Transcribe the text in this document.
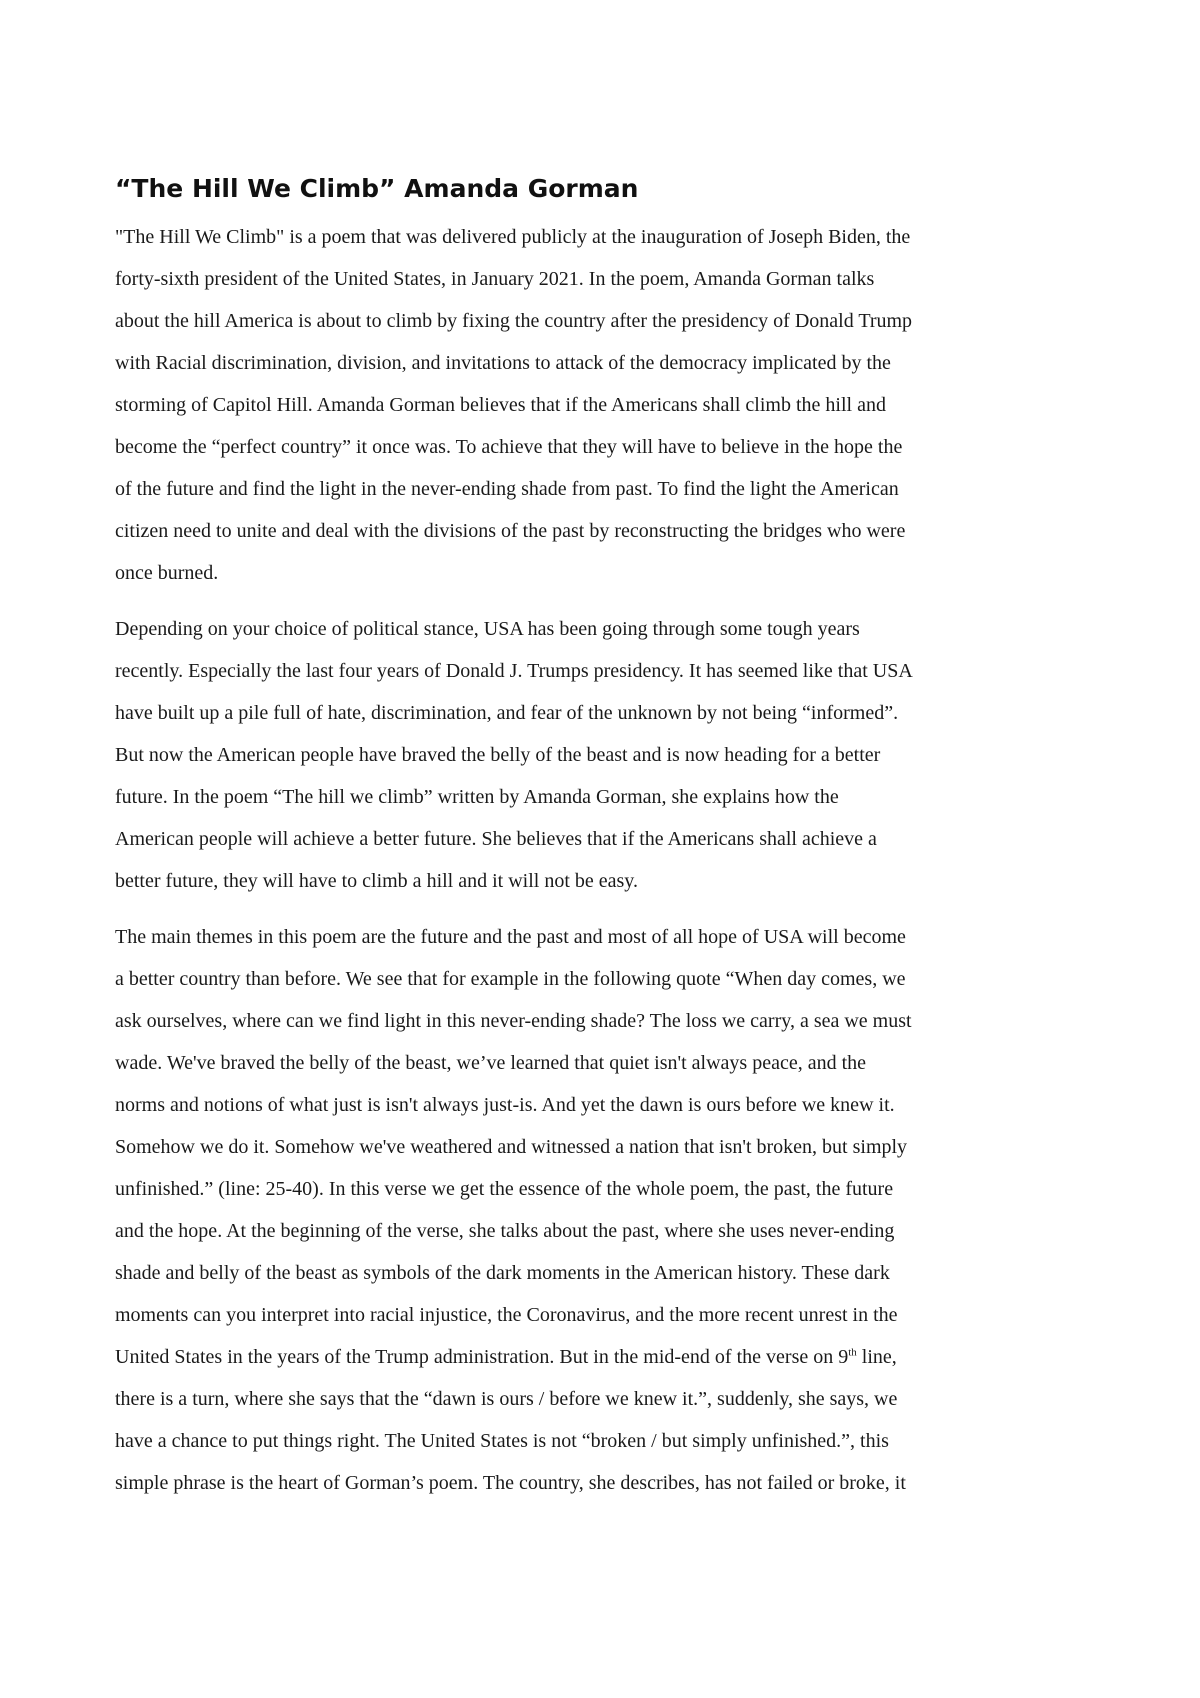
“The Hill We Climb” Amanda Gorman

"The Hill We Climb" is a poem that was delivered publicly at the inauguration of Joseph Biden, the
forty-sixth president of the United States, in January 2021. In the poem, Amanda Gorman talks
about the hill America is about to climb by fixing the country after the presidency of Donald Trump
with Racial discrimination, division, and invitations to attack of the democracy implicated by the
storming of Capitol Hill. Amanda Gorman believes that if the Americans shall climb the hill and
become the “perfect country” it once was. To achieve that they will have to believe in the hope the
of the future and find the light in the never-ending shade from past. To find the light the American
citizen need to unite and deal with the divisions of the past by reconstructing the bridges who were
once burned.

Depending on your choice of political stance, USA has been going through some tough years
recently. Especially the last four years of Donald J. Trumps presidency. It has seemed like that USA
have built up a pile full of hate, discrimination, and fear of the unknown by not being “informed”.
But now the American people have braved the belly of the beast and is now heading for a better
future. In the poem “The hill we climb” written by Amanda Gorman, she explains how the
American people will achieve a better future. She believes that if the Americans shall achieve a
better future, they will have to climb a hill and it will not be easy.

The main themes in this poem are the future and the past and most of all hope of USA will become
a better country than before. We see that for example in the following quote “When day comes, we
ask ourselves, where can we find light in this never-ending shade? The loss we carry, a sea we must
wade. We've braved the belly of the beast, we’ve learned that quiet isn't always peace, and the
norms and notions of what just is isn't always just-is. And yet the dawn is ours before we knew it.
Somehow we do it. Somehow we've weathered and witnessed a nation that isn't broken, but simply
unfinished.” (line: 25-40). In this verse we get the essence of the whole poem, the past, the future
and the hope. At the beginning of the verse, she talks about the past, where she uses never-ending
shade and belly of the beast as symbols of the dark moments in the American history. These dark
moments can you interpret into racial injustice, the Coronavirus, and the more recent unrest in the
United States in the years of the Trump administration. But in the mid-end of the verse on 9th line,
there is a turn, where she says that the “dawn is ours / before we knew it.”, suddenly, she says, we
have a chance to put things right. The United States is not “broken / but simply unfinished.”, this
simple phrase is the heart of Gorman’s poem. The country, she describes, has not failed or broke, it
